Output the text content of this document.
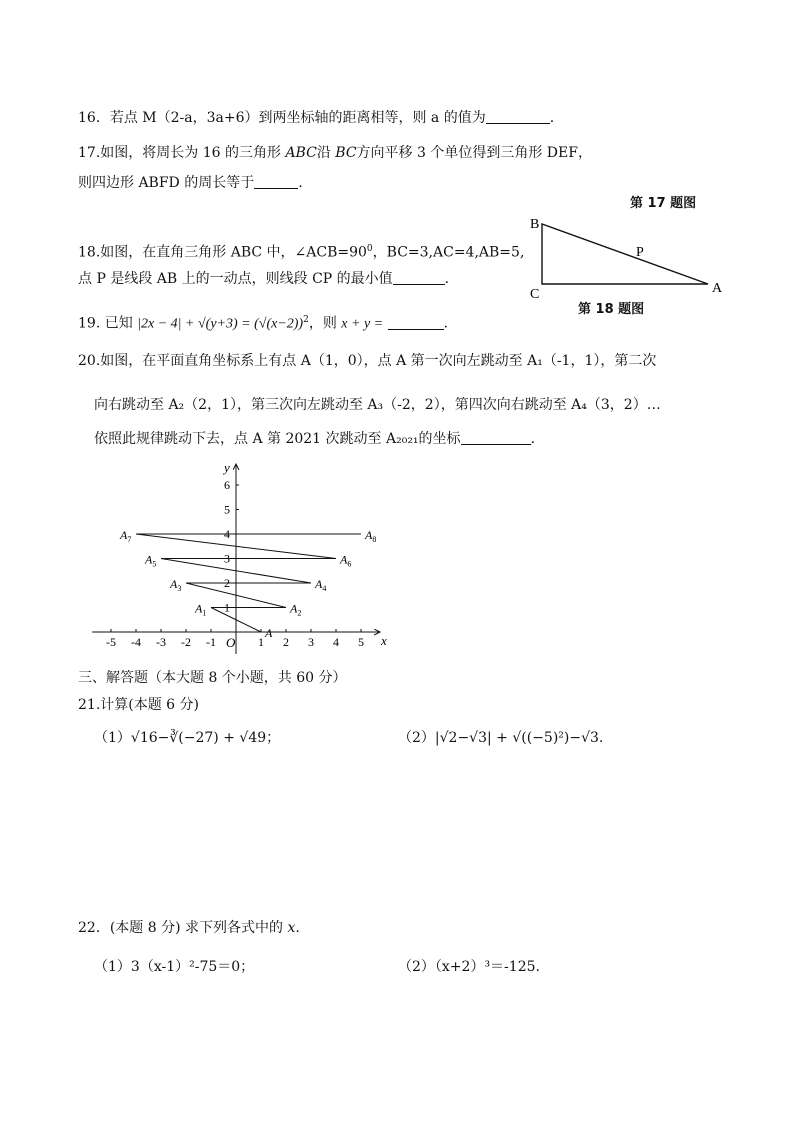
16．若点 M（2-a，3a+6）到两坐标轴的距离相等，则 a 的值为	.
17.如图，将周长为 16 的三角形 ABC沿 BC方向平移 3 个单位得到三角形 DEF，
则四边形 ABFD 的周长等于	.
第 17 题图
18.如图，在直角三角形 ABC 中，$\angle ACB=90^0$，BC=3,AC=4,AB=5,
点 P 是线段 AB 上的一动点，则线段 CP 的最小值	.
B
C	A
P
第 18 题图
19. 已知 $|2x - 4| + √(y+3) = (√(x-2))^2$，则 x + y =	.
20.如图，在平面直角坐标系上有点 A（1，0），点 A 第一次向左跳动至 A₁（-1，1），第二次
向右跳动至 A₂（2，1），第三次向左跳动至 A₃（-2，2），第四次向右跳动至 A₄（3，2）…
依照此规律跳动下去，点 A 第 2021 次跳动至 A₂₀₂₁的坐标	.
x
y
O
-5 -4 -3 -2 -1	1 2 3 4 5
1
2
3
4
5
6
A
$A_1$	$A_2$
$A_3$	$A_4$
$A_5$	$A_6$
$A_7$	$A_8$
三、解答题（本大题 8 个小题，共 60 分）
21.计算(本题 6 分)
（1）√16−∛(−27) + √49；	（2）|√2−√3| + √((−5)²)−√3.
22．(本题 8 分) 求下列各式中的 x.
（1）3（x-1）²-75＝0；	（2）（x+2）³＝-125.
